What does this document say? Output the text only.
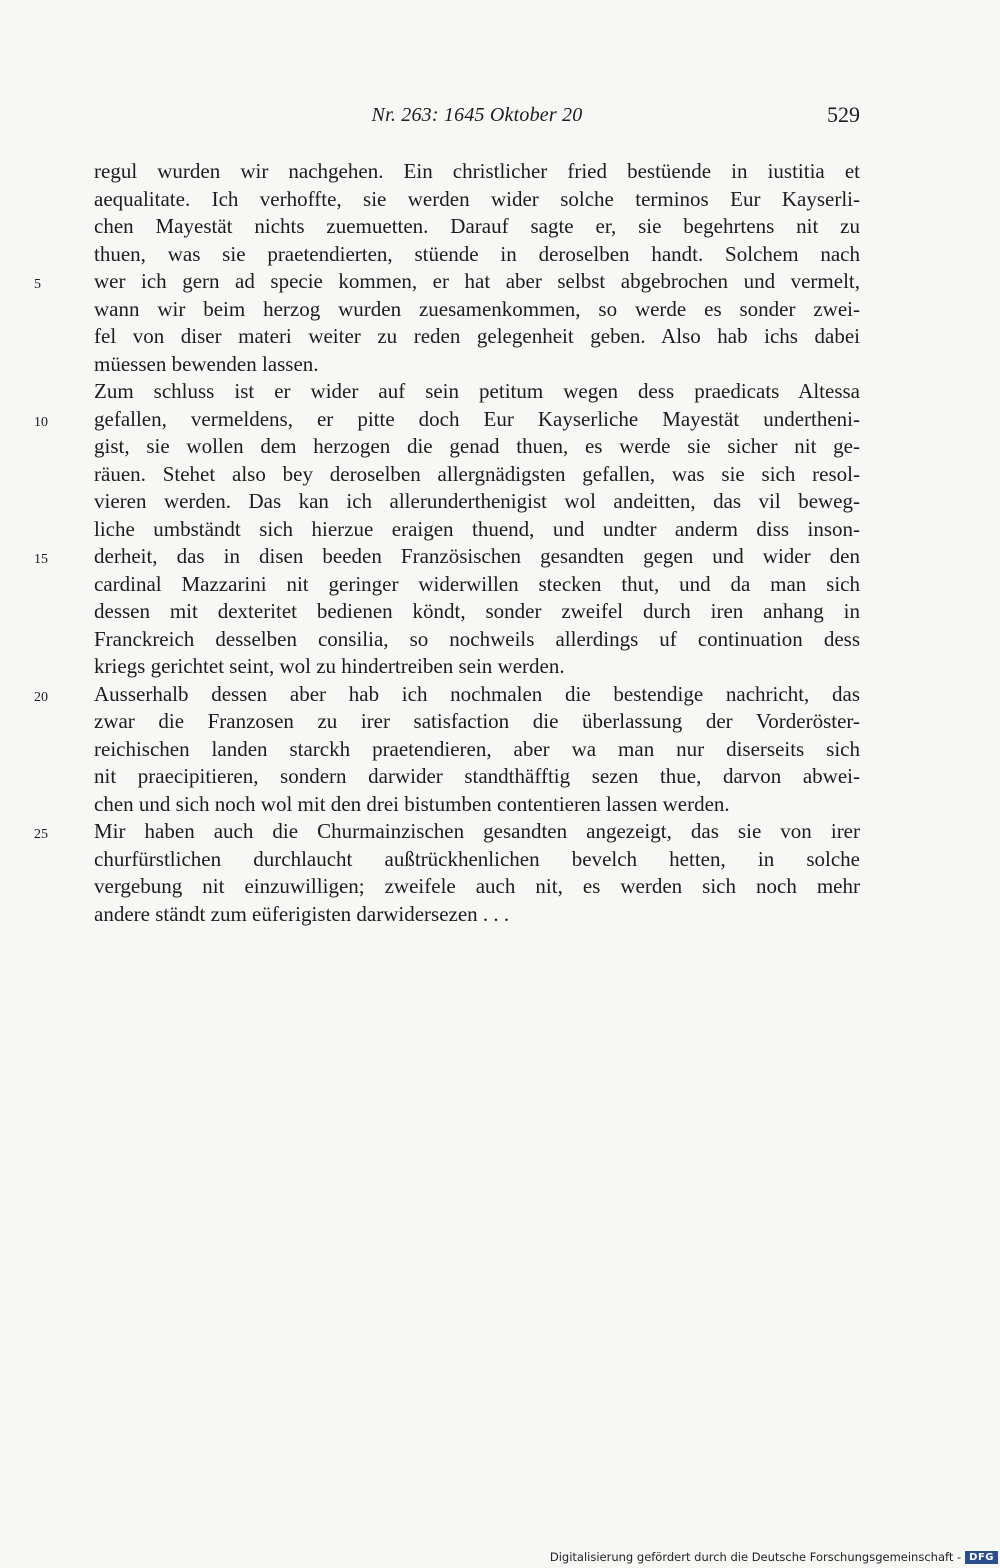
Nr. 263: 1645 Oktober 20	529
regul wurden wir nachgehen. Ein christlicher fried bestüende in iustitia et
aequalitate. Ich verhoffte, sie werden wider solche terminos Eur Kayserli-
chen Mayestät nichts zuemuetten. Darauf sagte er, sie begehrtens nit zu
thuen, was sie praetendierten, stüende in deroselben handt. Solchem nach
5	wer ich gern ad specie kommen, er hat aber selbst abgebrochen und vermelt,
wann wir beim herzog wurden zuesamenkommen, so werde es sonder zwei-
fel von diser materi weiter zu reden gelegenheit geben. Also hab ichs dabei
müessen bewenden lassen.
Zum schluss ist er wider auf sein petitum wegen dess praedicats Altessa
10	gefallen, vermeldens, er pitte doch Eur Kayserliche Mayestät undertheni-
gist, sie wollen dem herzogen die genad thuen, es werde sie sicher nit ge-
räuen. Stehet also bey deroselben allergnädigsten gefallen, was sie sich resol-
vieren werden. Das kan ich allerunderthenigist wol andeitten, das vil beweg-
liche umbständt sich hierzue eraigen thuend, und undter anderm diss inson-
15	derheit, das in disen beeden Französischen gesandten gegen und wider den
cardinal Mazzarini nit geringer widerwillen stecken thut, und da man sich
dessen mit dexteritet bedienen köndt, sonder zweifel durch iren anhang in
Franckreich desselben consilia, so nochweils allerdings uf continuation dess
kriegs gerichtet seint, wol zu hindertreiben sein werden.
20	Ausserhalb dessen aber hab ich nochmalen die bestendige nachricht, das
zwar die Franzosen zu irer satisfaction die überlassung der Vorderöster-
reichischen landen starckh praetendieren, aber wa man nur diserseits sich
nit praecipitieren, sondern darwider standthäfftig sezen thue, darvon abwei-
chen und sich noch wol mit den drei bistumben contentieren lassen werden.
25	Mir haben auch die Churmainzischen gesandten angezeigt, das sie von irer
churfürstlichen durchlaucht außtrückhenlichen bevelch hetten, in solche
vergebung nit einzuwilligen; zweifele auch nit, es werden sich noch mehr
andere ständt zum eüferigisten darwidersezen . . .
Digitalisierung gefördert durch die Deutsche Forschungsgemeinschaft - DFG
